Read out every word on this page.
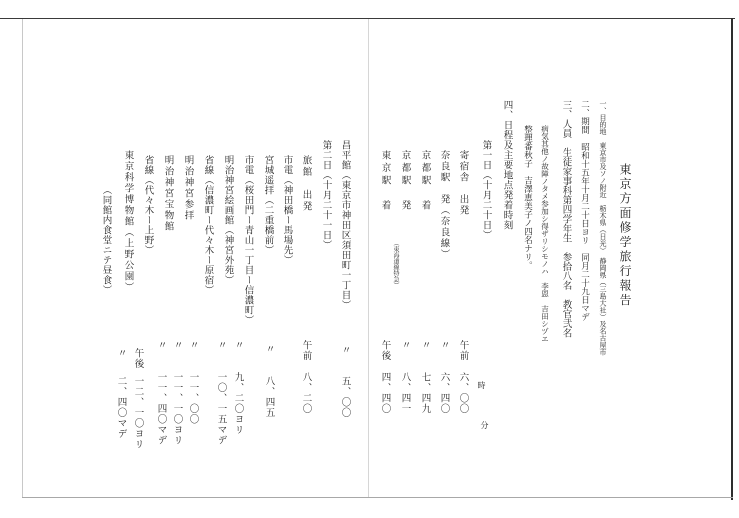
東京方面修学旅行報告
一、目的地　東京市及ソノ附近　栃木県（日光）　静岡県（三島大社）及名古屋市
二、期間　昭和十五年十月二十日ヨリ　同月二十九日マデ
三、人員　生徒家事科第四学年生　参拾八名　教官弐名
病気其他ノ故障ノタメ参加シ得ザリシモノハ　李恩　吉田シヅエ
整理番秋子　吉澤恵美子ノ四名ナリ。
四、日程及主要地点発着時刻
第一日（十月二十日）
時
分
寄宿舎　出発
午前
六、〇〇
奈良駅　発（奈良線）
〃
六、四〇
京都駅　着
〃
七、四九
京都駅　発
（東海道線特急）
〃
八、四一
東京駅　着
午後
四、四〇
昌平館（東京市神田区須田町一丁目）
〃
五、〇〇
第二日（十月二十一日）
旅館　出発
午前
八、二〇
市電（神田橋ー馬場先）
宮城遥拝（二重橋前）
〃
八、四五
市電（桜田門ー青山一丁目ー信濃町）
明治神宮絵画館（神宮外苑）
〃
九、二〇ヨリ
〃
一〇、一五マデ
省線（信濃町ー代々木ー原宿）
明治神宮参拝
〃
一一、〇〇
明治神宮宝物館
〃
一一、一〇ヨリ
〃
一一、四〇マデ
省線（代々木ー上野）
東京科学博物館（上野公園）
午後
一二、一〇ヨリ
〃
二、四〇マデ
（同館内食堂ニテ昼食）
